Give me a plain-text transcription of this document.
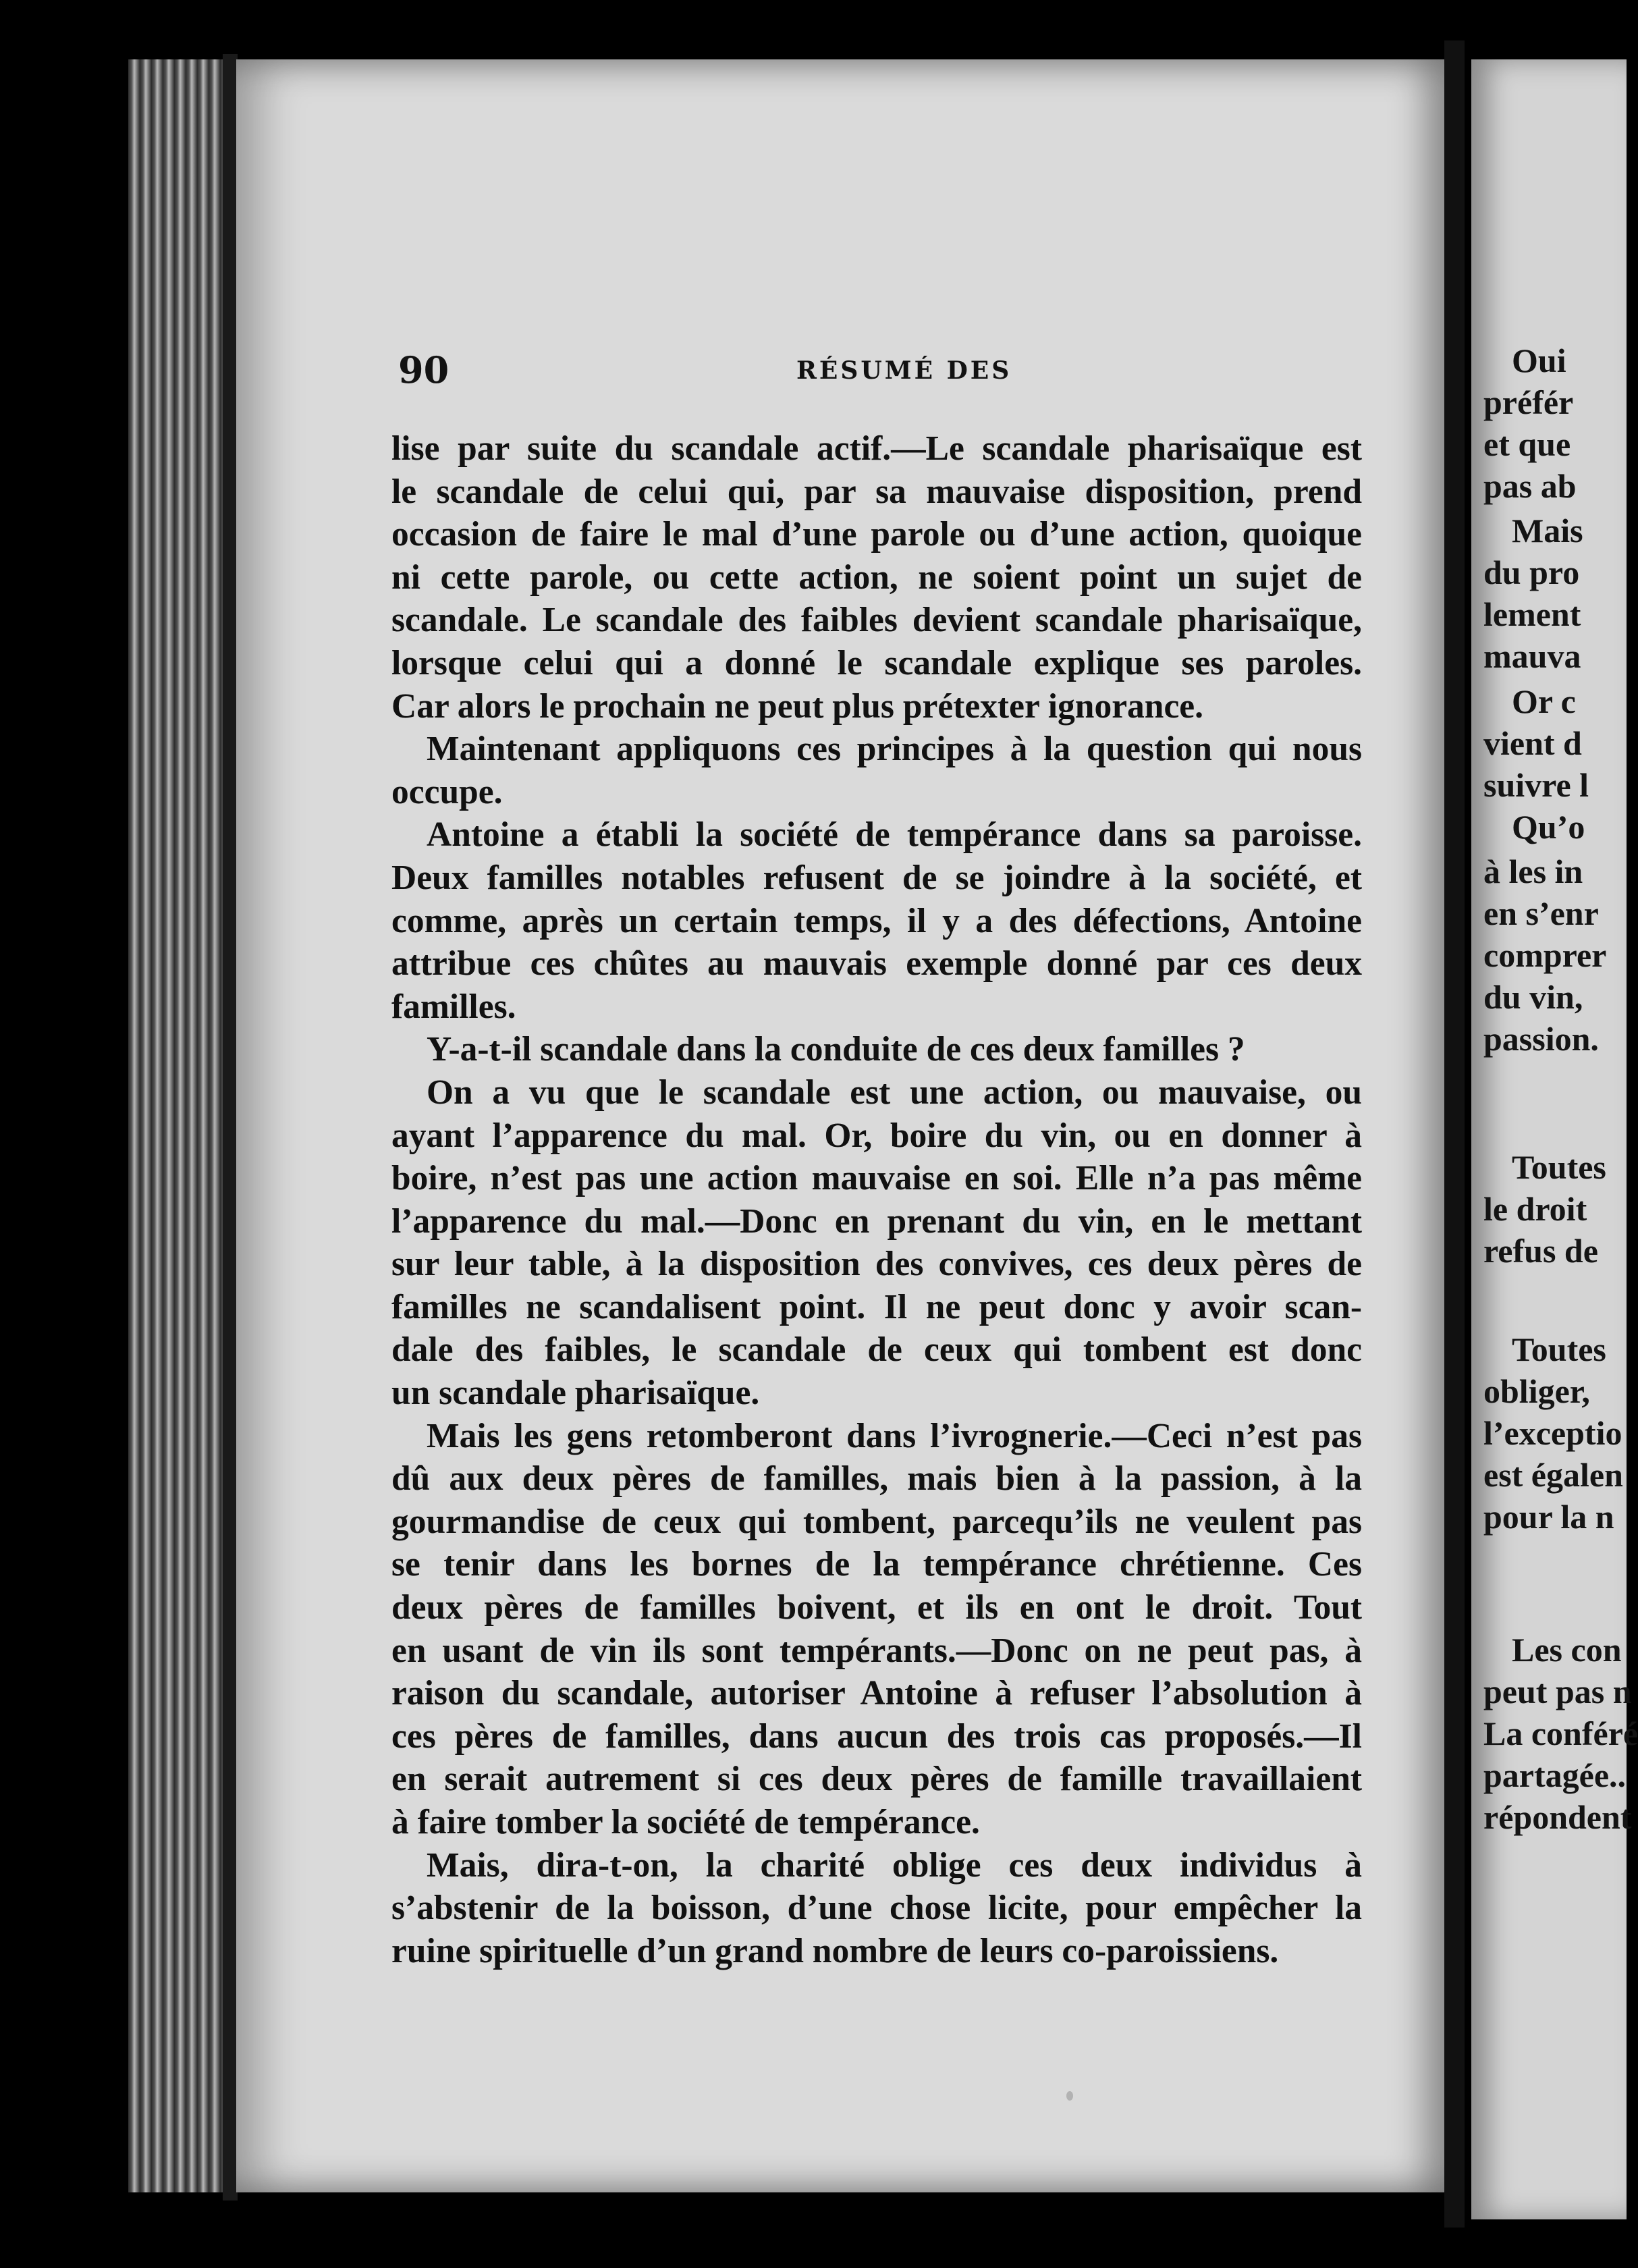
90	RÉSUMÉ DES
lise par suite du scandale actif.—Le scandale pharisaïque est
le scandale de celui qui, par sa mauvaise disposition, prend
occasion de faire le mal d’une parole ou d’une action, quoique
ni cette parole, ou cette action, ne soient point un sujet de
scandale. Le scandale des faibles devient scandale pharisaïque,
lorsque celui qui a donné le scandale explique ses paroles.
Car alors le prochain ne peut plus prétexter ignorance.
Maintenant appliquons ces principes à la question qui nous
occupe.
Antoine a établi la société de tempérance dans sa paroisse.
Deux familles notables refusent de se joindre à la société, et
comme, après un certain temps, il y a des défections, Antoine
attribue ces chûtes au mauvais exemple donné par ces deux
familles.
Y-a-t-il scandale dans la conduite de ces deux familles ?
On a vu que le scandale est une action, ou mauvaise, ou
ayant l’apparence du mal. Or, boire du vin, ou en donner à
boire, n’est pas une action mauvaise en soi. Elle n’a pas même
l’apparence du mal.—Donc en prenant du vin, en le mettant
sur leur table, à la disposition des convives, ces deux pères de
familles ne scandalisent point. Il ne peut donc y avoir scan-
dale des faibles, le scandale de ceux qui tombent est donc
un scandale pharisaïque.
Mais les gens retomberont dans l’ivrognerie.—Ceci n’est pas
dû aux deux pères de familles, mais bien à la passion, à la
gourmandise de ceux qui tombent, parcequ’ils ne veulent pas
se tenir dans les bornes de la tempérance chrétienne. Ces
deux pères de familles boivent, et ils en ont le droit. Tout
en usant de vin ils sont tempérants.—Donc on ne peut pas, à
raison du scandale, autoriser Antoine à refuser l’absolution à
ces pères de familles, dans aucun des trois cas proposés.—Il
en serait autrement si ces deux pères de famille travaillaient
à faire tomber la société de tempérance.
Mais, dira-t-on, la charité oblige ces deux individus à
s’abstenir de la boisson, d’une chose licite, pour empêcher la
ruine spirituelle d’un grand nombre de leurs co-paroissiens.
Oui
préfér
et que
pas ab
Mais
du pro
lement
mauva
Or c
vient d
suivre l
Qu’o
à les in
en s’enr
comprer
du vin,
passion.
Toutes
le droit
refus de
Toutes
obliger,
l’exceptio
est égalen
pour la n
Les con
peut pas n
La conféré
partagée..
répondent
